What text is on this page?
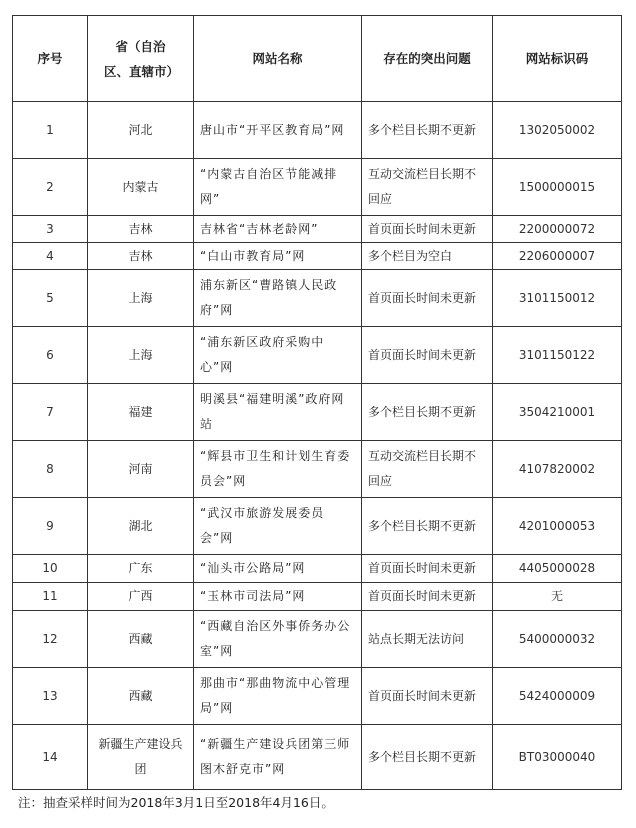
序号	省（自治区、直辖市）	网站名称	存在的突出问题	网站标识码
1	河北	唐山市“开平区教育局”网	多个栏目长期不更新	1302050002
2	内蒙古	“内蒙古自治区节能减排网”	互动交流栏目长期不回应	1500000015
3	吉林	吉林省“吉林老龄网”	首页面长时间未更新	2200000072
4	吉林	“白山市教育局”网	多个栏目为空白	2206000007
5	上海	浦东新区“曹路镇人民政府”网	首页面长时间未更新	3101150012
6	上海	“浦东新区政府采购中心”网	首页面长时间未更新	3101150122
7	福建	明溪县“福建明溪”政府网站	多个栏目长期不更新	3504210001
8	河南	“辉县市卫生和计划生育委员会”网	互动交流栏目长期不回应	4107820002
9	湖北	“武汉市旅游发展委员会”网	多个栏目长期不更新	4201000053
10	广东	“汕头市公路局”网	首页面长时间未更新	4405000028
11	广西	“玉林市司法局”网	首页面长时间未更新	无
12	西藏	“西藏自治区外事侨务办公室”网	站点长期无法访问	5400000032
13	西藏	那曲市“那曲物流中心管理局”网	首页面长时间未更新	5424000009
14	新疆生产建设兵团	“新疆生产建设兵团第三师图木舒克市”网	多个栏目长期不更新	BT03000040
注：抽查采样时间为2018年3月1日至2018年4月16日。
